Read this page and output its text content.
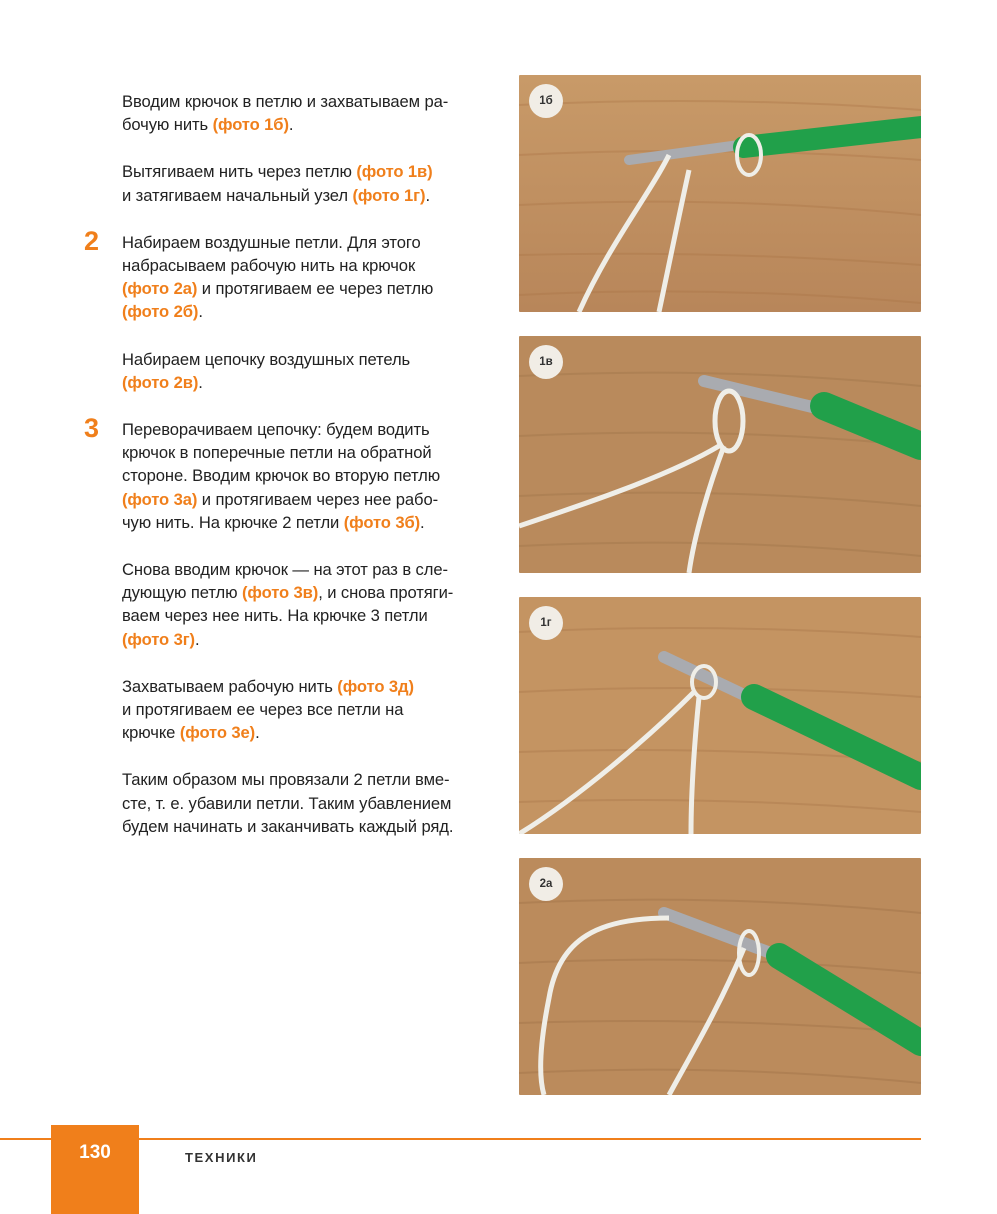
Вводим крючок в петлю и захватываем ра-
бочую нить (фото 1б).

Вытягиваем нить через петлю (фото 1в)
и затягиваем начальный узел (фото 1г).

2 Набираем воздушные петли. Для этого
набрасываем рабочую нить на крючок
(фото 2а) и протягиваем ее через петлю
(фото 2б).

Набираем цепочку воздушных петель
(фото 2в).

3 Переворачиваем цепочку: будем водить
крючок в поперечные петли на обратной
стороне. Вводим крючок во вторую петлю
(фото 3а) и протягиваем через нее рабо-
чую нить. На крючке 2 петли (фото 3б).

Снова вводим крючок — на этот раз в сле-
дующую петлю (фото 3в), и снова протяги-
ваем через нее нить. На крючке 3 петли
(фото 3г).

Захватываем рабочую нить (фото 3д)
и протягиваем ее через все петли на
крючке (фото 3е).

Таким образом мы провязали 2 петли вме-
сте, т. е. убавили петли. Таким убавлением
будем начинать и заканчивать каждый ряд.

1б
1в
1г
2а
130	ТЕХНИКИ
